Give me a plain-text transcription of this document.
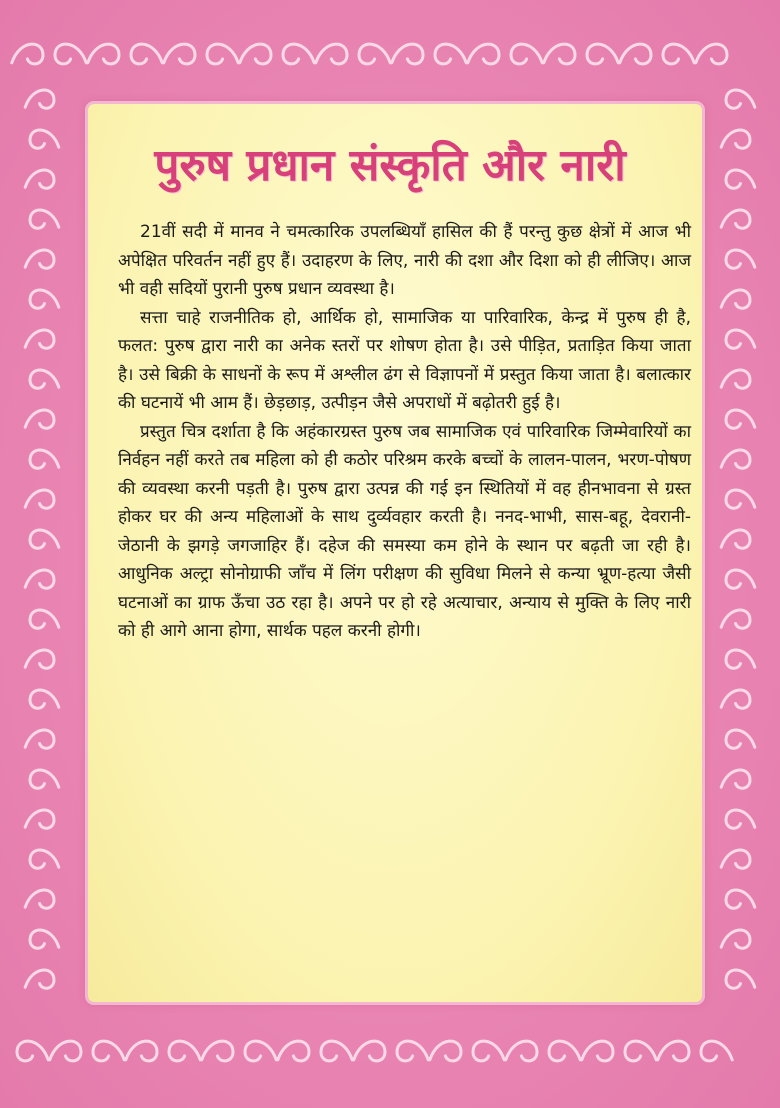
पुरुष प्रधान संस्कृति और नारी

21वीं सदी में मानव ने चमत्कारिक उपलब्धियाँ हासिल की हैं परन्तु कुछ क्षेत्रों में आज भी अपेक्षित परिवर्तन नहीं हुए हैं। उदाहरण के लिए, नारी की दशा और दिशा को ही लीजिए। आज भी वही सदियों पुरानी पुरुष प्रधान व्यवस्था है।

सत्ता चाहे राजनीतिक हो, आर्थिक हो, सामाजिक या पारिवारिक, केन्द्र में पुरुष ही है, फलत: पुरुष द्वारा नारी का अनेक स्तरों पर शोषण होता है। उसे पीड़ित, प्रताड़ित किया जाता है। उसे बिक्री के साधनों के रूप में अश्लील ढंग से विज्ञापनों में प्रस्तुत किया जाता है। बलात्कार की घटनायें भी आम हैं। छेड़छाड़, उत्पीड़न जैसे अपराधों में बढ़ोतरी हुई है।

प्रस्तुत चित्र दर्शाता है कि अहंकारग्रस्त पुरुष जब सामाजिक एवं पारिवारिक जिम्मेवारियों का निर्वहन नहीं करते तब महिला को ही कठोर परिश्रम करके बच्चों के लालन-पालन, भरण-पोषण की व्यवस्था करनी पड़ती है। पुरुष द्वारा उत्पन्न की गई इन स्थितियों में वह हीनभावना से ग्रस्त होकर घर की अन्य महिलाओं के साथ दुर्व्यवहार करती है। ननद-भाभी, सास-बहू, देवरानी-जेठानी के झगड़े जगजाहिर हैं। दहेज की समस्या कम होने के स्थान पर बढ़ती जा रही है। आधुनिक अल्ट्रा सोनोग्राफी जाँच में लिंग परीक्षण की सुविधा मिलने से कन्या भ्रूण-हत्या जैसी घटनाओं का ग्राफ ऊँचा उठ रहा है। अपने पर हो रहे अत्याचार, अन्याय से मुक्ति के लिए नारी को ही आगे आना होगा, सार्थक पहल करनी होगी।
